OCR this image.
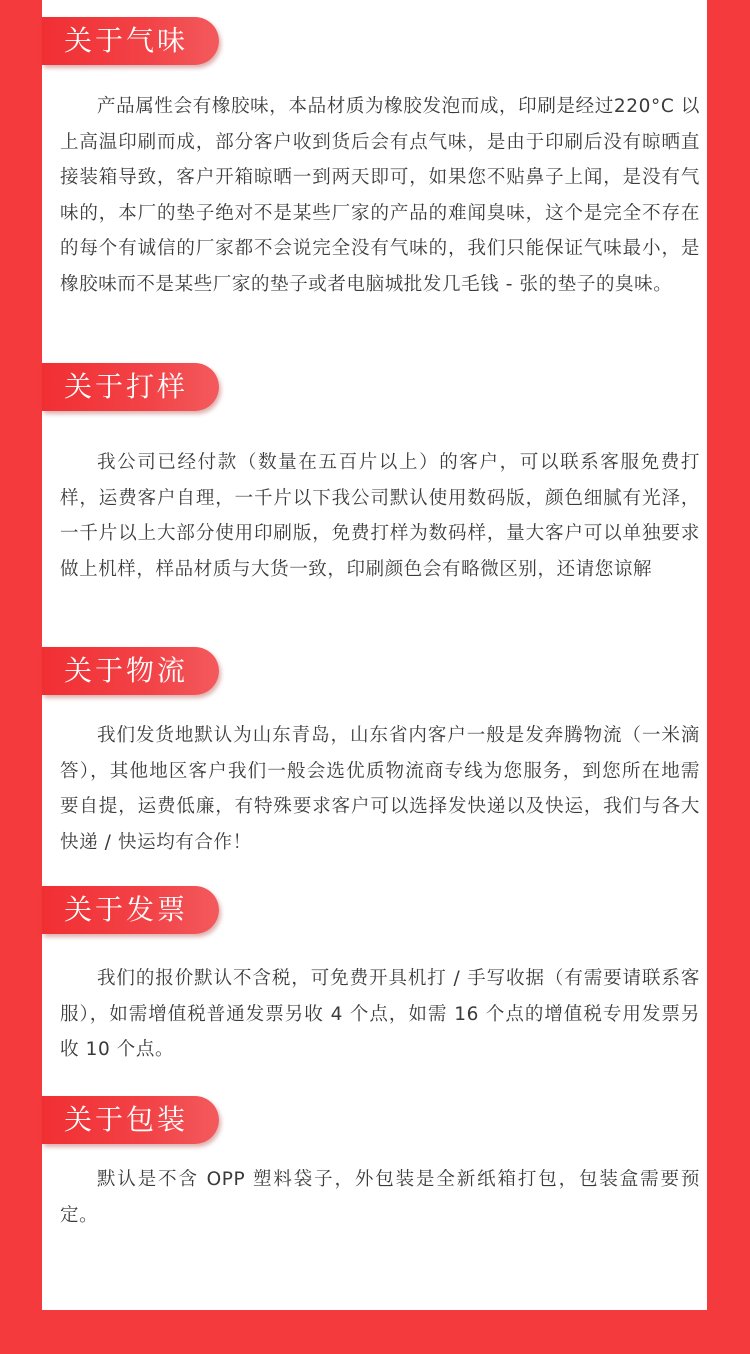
关于气味

产品属性会有橡胶味，本品材质为橡胶发泡而成，印刷是经过220°C 以上高温印刷而成，部分客户收到货后会有点气味，是由于印刷后没有晾晒直接装箱导致，客户开箱晾晒一到两天即可，如果您不贴鼻子上闻，是没有气味的，本厂的垫子绝对不是某些厂家的产品的难闻臭味，这个是完全不存在的每个有诚信的厂家都不会说完全没有气味的，我们只能保证气味最小，是橡胶味而不是某些厂家的垫子或者电脑城批发几毛钱 - 张的垫子的臭味。

关于打样

我公司已经付款（数量在五百片以上）的客户，可以联系客服免费打样，运费客户自理，一千片以下我公司默认使用数码版，颜色细腻有光泽，一千片以上大部分使用印刷版，免费打样为数码样，量大客户可以单独要求做上机样，样品材质与大货一致，印刷颜色会有略微区别，还请您谅解

关于物流

我们发货地默认为山东青岛，山东省内客户一般是发奔腾物流（一米滴答），其他地区客户我们一般会选优质物流商专线为您服务，到您所在地需要自提，运费低廉，有特殊要求客户可以选择发快递以及快运，我们与各大快递 / 快运均有合作！

关于发票

我们的报价默认不含税，可免费开具机打 / 手写收据（有需要请联系客服），如需增值税普通发票另收 4 个点，如需 16 个点的增值税专用发票另收 10 个点。

关于包装

默认是不含 OPP 塑料袋子，外包装是全新纸箱打包，包装盒需要预定。
